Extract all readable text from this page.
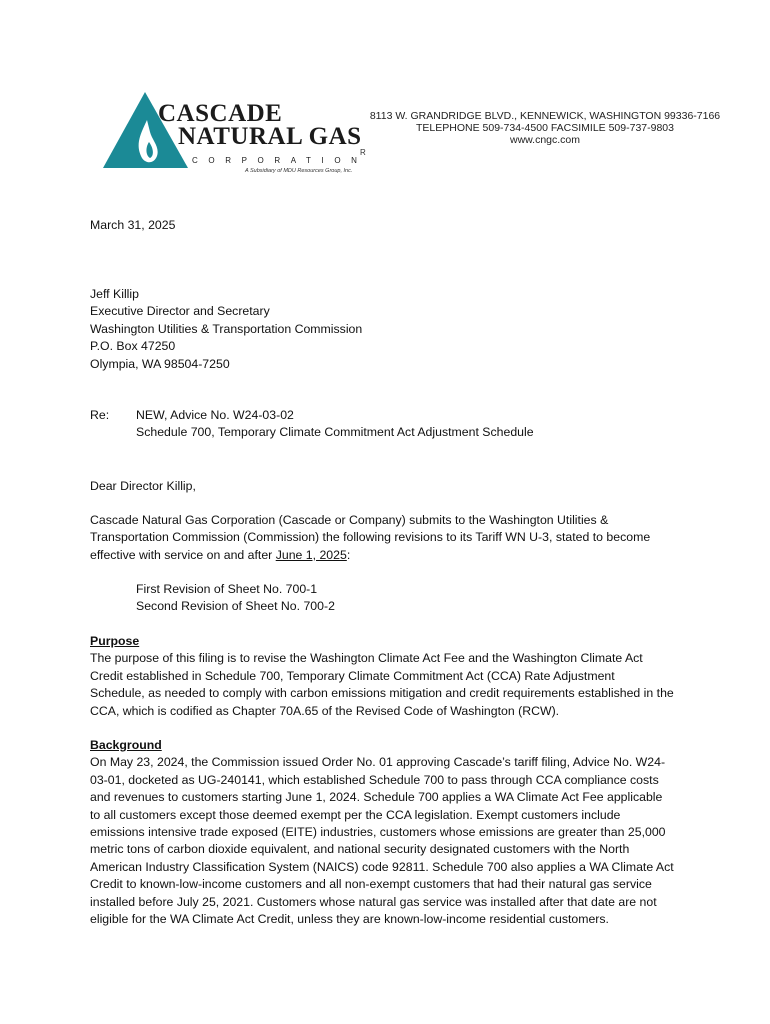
CASCADE
NATURAL GAS
CORPORATION
R
A Subsidiary of MDU Resources Group, Inc.
8113 W. GRANDRIDGE BLVD., KENNEWICK, WASHINGTON 99336-7166
TELEPHONE 509-734-4500 FACSIMILE 509-737-9803
www.cngc.com
March 31, 2025
Jeff Killip
Executive Director and Secretary
Washington Utilities & Transportation Commission
P.O. Box 47250
Olympia, WA 98504-7250
Re: NEW, Advice No. W24-03-02
Schedule 700, Temporary Climate Commitment Act Adjustment Schedule
Dear Director Killip,
Cascade Natural Gas Corporation (Cascade or Company) submits to the Washington Utilities &
Transportation Commission (Commission) the following revisions to its Tariff WN U-3, stated to become
effective with service on and after June 1, 2025:
First Revision of Sheet No. 700-1
Second Revision of Sheet No. 700-2
Purpose
The purpose of this filing is to revise the Washington Climate Act Fee and the Washington Climate Act
Credit established in Schedule 700, Temporary Climate Commitment Act (CCA) Rate Adjustment
Schedule, as needed to comply with carbon emissions mitigation and credit requirements established in the
CCA, which is codified as Chapter 70A.65 of the Revised Code of Washington (RCW).
Background
On May 23, 2024, the Commission issued Order No. 01 approving Cascade’s tariff filing, Advice No. W24-
03-01, docketed as UG-240141, which established Schedule 700 to pass through CCA compliance costs
and revenues to customers starting June 1, 2024. Schedule 700 applies a WA Climate Act Fee applicable
to all customers except those deemed exempt per the CCA legislation. Exempt customers include
emissions intensive trade exposed (EITE) industries, customers whose emissions are greater than 25,000
metric tons of carbon dioxide equivalent, and national security designated customers with the North
American Industry Classification System (NAICS) code 92811. Schedule 700 also applies a WA Climate Act
Credit to known-low-income customers and all non-exempt customers that had their natural gas service
installed before July 25, 2021. Customers whose natural gas service was installed after that date are not
eligible for the WA Climate Act Credit, unless they are known-low-income residential customers.
